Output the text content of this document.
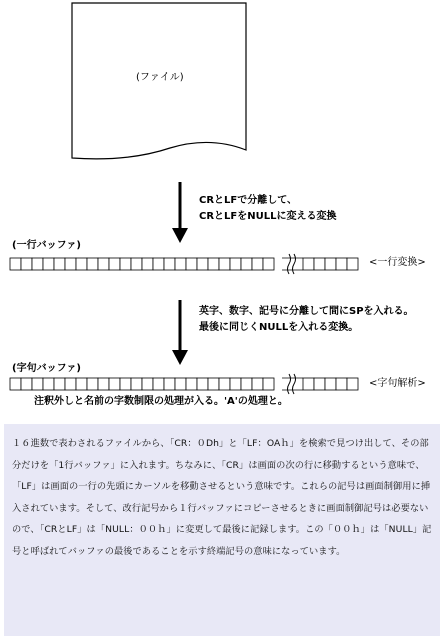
(ファイル)
CRとLFで分離して、
CRとLFをNULLに変える変換
(一行バッファ)
<一行変換>
英字、数字、記号に分離して間にSPを入れる。
最後に同じくNULLを入れる変換。
(字句バッファ)
<字句解析>
注釈外しと名前の字数制限の処理が入る。'A'の処理と。
１６進数で表わされるファイルから、「CR：０Dh」と「LF：OAｈ」を検索で見つけ出して、その部分だけを「1行バッファ」に入れます。ちなみに、「CR」は画面の次の行に移動するという意味で、「LF」は画面の一行の先頭にカーソルを移動させるという意味です。これらの記号は画面制御用に挿入されています。そして、改行記号から１行バッファにコピーさせるときに画面制御記号は必要ないので、「CRとLF」は「NULL：００ｈ」に変更して最後に記録します。この「００ｈ」は「NULL」記号と呼ばれてバッファの最後であることを示す終端記号の意味になっています。
